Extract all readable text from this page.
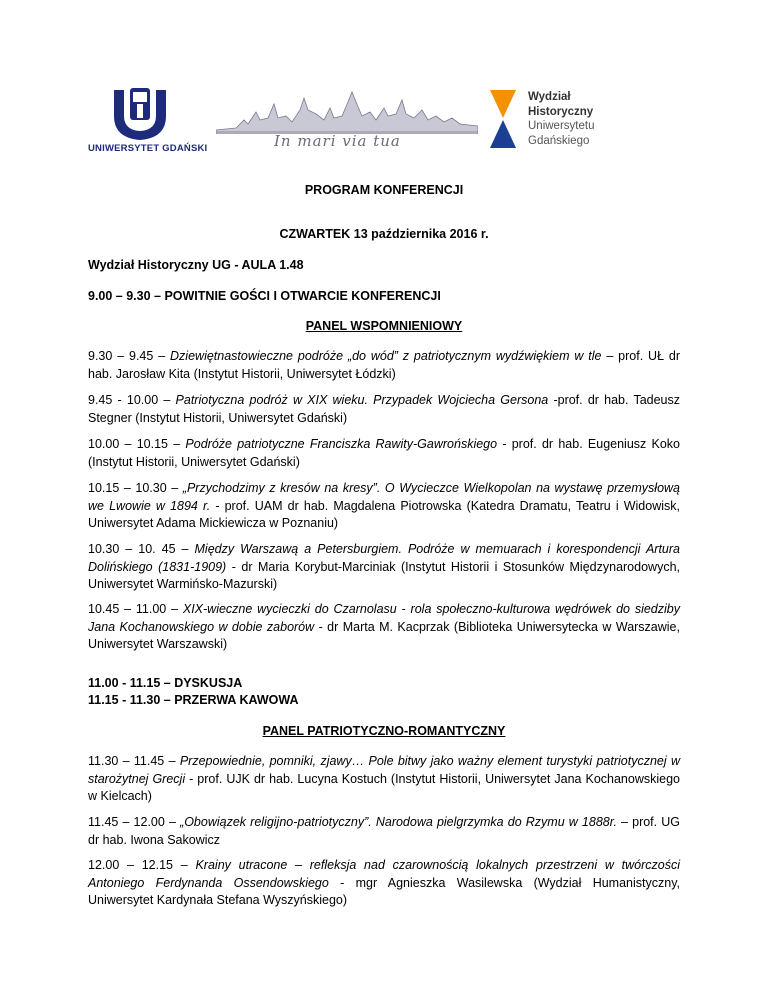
UNIWERSYTET GDAŃSKI	In mari via tua
Wydział
Historyczny
Uniwersytetu
Gdańskiego
PROGRAM KONFERENCJI
CZWARTEK 13 października 2016 r.
Wydział Historyczny UG - AULA 1.48
9.00 – 9.30 – POWITNIE GOŚCI I OTWARCIE KONFERENCJI
PANEL WSPOMNIENIOWY
9.30 – 9.45 – Dziewiętnastowieczne podróże „do wód” z patriotycznym wydźwiękiem w tle – prof. UŁ dr hab. Jarosław Kita (Instytut Historii, Uniwersytet Łódzki)
9.45 - 10.00 – Patriotyczna podróż w XIX wieku. Przypadek Wojciecha Gersona -prof. dr hab. Tadeusz Stegner (Instytut Historii, Uniwersytet Gdański)
10.00 – 10.15 – Podróże patriotyczne Franciszka Rawity-Gawrońskiego - prof. dr hab. Eugeniusz Koko (Instytut Historii, Uniwersytet Gdański)
10.15 – 10.30 – „Przychodzimy z kresów na kresy”. O Wycieczce Wielkopolan na wystawę przemysłową we Lwowie w 1894 r. - prof. UAM dr hab. Magdalena Piotrowska (Katedra Dramatu, Teatru i Widowisk, Uniwersytet Adama Mickiewicza w Poznaniu)
10.30 – 10. 45 – Między Warszawą a Petersburgiem. Podróże w memuarach i korespondencji Artura Dolińskiego (1831-1909) - dr Maria Korybut-Marciniak (Instytut Historii i Stosunków Międzynarodowych, Uniwersytet Warmińsko-Mazurski)
10.45 – 11.00 – XIX-wieczne wycieczki do Czarnolasu - rola społeczno-kulturowa wędrówek do siedziby Jana Kochanowskiego w dobie zaborów - dr Marta M. Kacprzak (Biblioteka Uniwersytecka w Warszawie, Uniwersytet Warszawski)
11.00 - 11.15 – DYSKUSJA
11.15 - 11.30 – PRZERWA KAWOWA
PANEL PATRIOTYCZNO-ROMANTYCZNY
11.30 – 11.45 – Przepowiednie, pomniki, zjawy… Pole bitwy jako ważny element turystyki patriotycznej w starożytnej Grecji - prof. UJK dr hab. Lucyna Kostuch (Instytut Historii, Uniwersytet Jana Kochanowskiego w Kielcach)
11.45 – 12.00 – „Obowiązek religijno-patriotyczny”. Narodowa pielgrzymka do Rzymu w 1888r. – prof. UG dr hab. Iwona Sakowicz
12.00 – 12.15 – Krainy utracone – refleksja nad czarownością lokalnych przestrzeni w twórczości Antoniego Ferdynanda Ossendowskiego - mgr Agnieszka Wasilewska (Wydział Humanistyczny, Uniwersytet Kardynała Stefana Wyszyńskiego)
